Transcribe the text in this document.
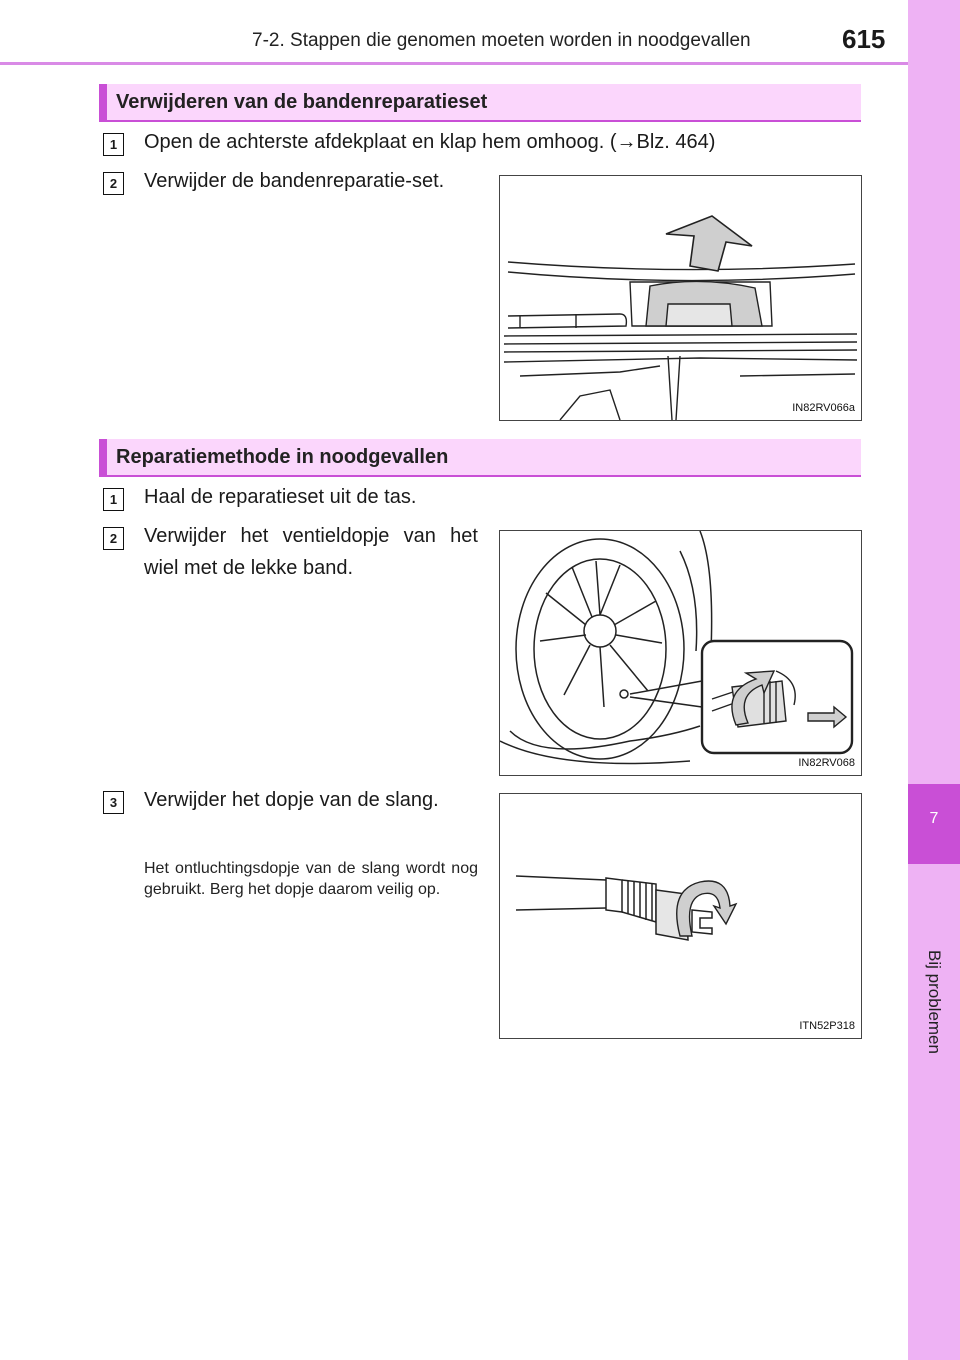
7-2. Stappen die genomen moeten worden in noodgevallen	615
7
Bij problemen
Verwijderen van de bandenreparatieset
1	Open de achterste afdekplaat en klap hem omhoog. (→Blz. 464)
2	Verwijder de bandenreparatie-set.
IN82RV066a
Reparatiemethode in noodgevallen
1	Haal de reparatieset uit de tas.
2	Verwijder het ventieldopje van het wiel met de lekke band.
IN82RV068
3	Verwijder het dopje van de slang.
Het ontluchtingsdopje van de slang wordt nog gebruikt. Berg het dopje daarom veilig op.
ITN52P318
